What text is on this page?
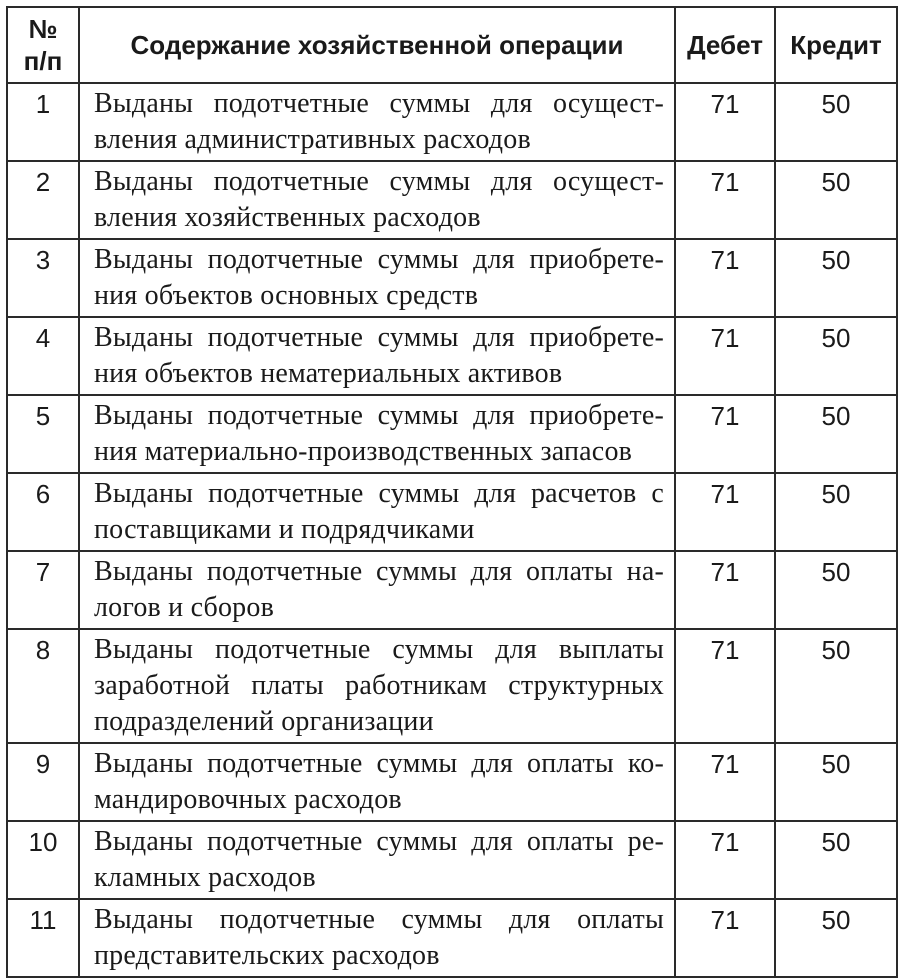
№
п/п	Содержание хозяйственной операции	Дебет	Кредит
1	Выданы подотчетные суммы для осущест-вления административных расходов	71	50
2	Выданы подотчетные суммы для осущест-вления хозяйственных расходов	71	50
3	Выданы подотчетные суммы для приобрете-ния объектов основных средств	71	50
4	Выданы подотчетные суммы для приобрете-ния объектов нематериальных активов	71	50
5	Выданы подотчетные суммы для приобрете-ния материально-производственных запасов	71	50
6	Выданы подотчетные суммы для расчетов с поставщиками и подрядчиками	71	50
7	Выданы подотчетные суммы для оплаты на-логов и сборов	71	50
8	Выданы подотчетные суммы для выплаты заработной платы работникам структурных подразделений организации	71	50
9	Выданы подотчетные суммы для оплаты ко-мандировочных расходов	71	50
10	Выданы подотчетные суммы для оплаты ре-кламных расходов	71	50
11	Выданы подотчетные суммы для оплаты представительских расходов	71	50
